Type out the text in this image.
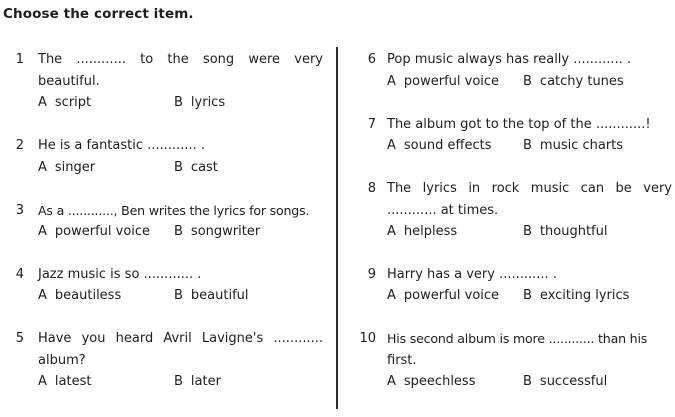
Choose the correct item.
1 The ............ to the song were very
beautiful.
A script	B lyrics
2 He is a fantastic ............ .
A singer	B cast
3 As a ............, Ben writes the lyrics for songs.
A powerful voice B songwriter
4 Jazz music is so ............ .
A beautiless	B beautiful
5 Have you heard Avril Lavigne's ............
album?
A latest	B later
6 Pop music always has really ............ .
A powerful voice B catchy tunes
7 The album got to the top of the ............!
A sound effects B music charts
8 The lyrics in rock music can be very
............ at times.
A helpless	B thoughtful
9 Harry has a very ............ .
A powerful voice B exciting lyrics
10 His second album is more ............ than his
first.
A speechless	B successful
